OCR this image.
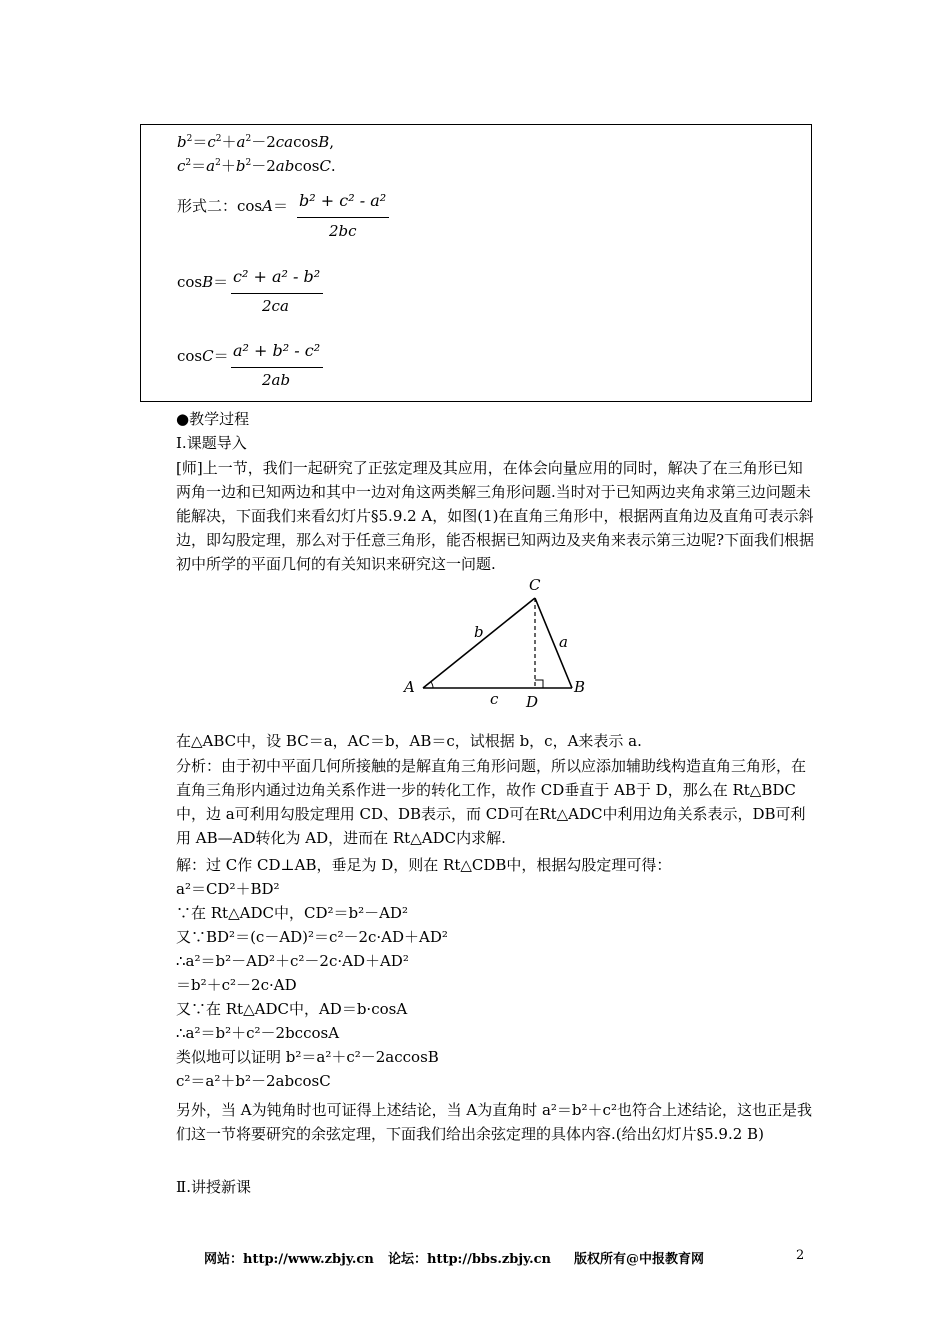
$b^2=c^2+a^2-2cacosB$,
$c^2=a^2+b^2-2abcosC$.
形式二：cosA＝ b² + c² - a²
2bc
cosB＝ c² + a² - b²
2ca
cosC＝ a² + b² - c²
2ab
●教学过程
Ⅰ.课题导入
[师]上一节，我们一起研究了正弦定理及其应用，在体会向量应用的同时，解决了在三角形已知两角一边和已知两边和其中一边对角这两类解三角形问题.当时对于已知两边夹角求第三边问题未能解决，下面我们来看幻灯片§5.9.2 A，如图(1)在直角三角形中，根据两直角边及直角可表示斜边，即勾股定理，那么对于任意三角形，能否根据已知两边及夹角来表示第三边呢?下面我们根据初中所学的平面几何的有关知识来研究这一问题.
A	B
C
D
a
b
c
在△ABC中，设 BC＝a，AC＝b，AB＝c，试根据 b，c，A来表示 a.
分析：由于初中平面几何所接触的是解直角三角形问题，所以应添加辅助线构造直角三角形，在直角三角形内通过边角关系作进一步的转化工作，故作 CD垂直于 AB于 D，那么在 Rt△BDC中，边 a可利用勾股定理用 CD、DB表示，而 CD可在Rt△ADC中利用边角关系表示，DB可利用 AB—AD转化为 AD，进而在 Rt△ADC内求解.
解：过 C作 CD⊥AB，垂足为 D，则在 Rt△CDB中，根据勾股定理可得：
a²＝CD²＋BD²
∵在 Rt△ADC中，CD²＝b²－AD²
又∵BD²＝(c－AD)²＝c²－2c·AD＋AD²
∴a²＝b²－AD²＋c²－2c·AD＋AD²
＝b²＋c²－2c·AD
又∵在 Rt△ADC中，AD＝b·cosA
∴a²＝b²＋c²－2bccosA
类似地可以证明 b²＝a²＋c²－2accosB
c²＝a²＋b²－2abcosC
另外，当 A为钝角时也可证得上述结论，当 A为直角时 a²＝b²＋c²也符合上述结论，这也正是我们这一节将要研究的余弦定理，下面我们给出余弦定理的具体内容.(给出幻灯片§5.9.2 B)
Ⅱ.讲授新课
网站：http://www.zbjy.cn 论坛：http://bbs.zbjy.cn 版权所有@中报教育网	2
